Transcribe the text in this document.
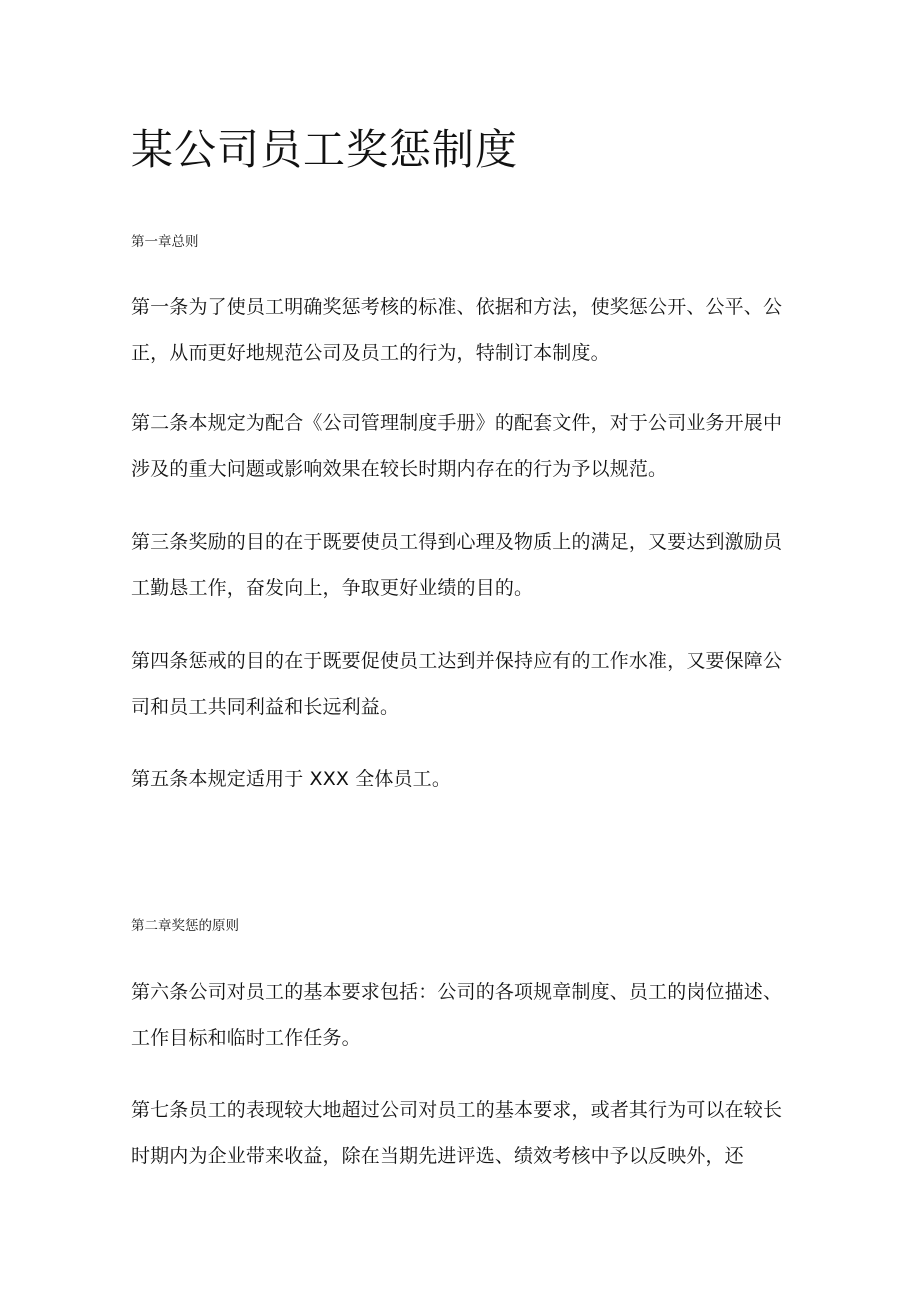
某公司员工奖惩制度
第一章总则

第一条为了使员工明确奖惩考核的标准、依据和方法，使奖惩公开、公平、公正，从而更好地规范公司及员工的行为，特制订本制度。

第二条本规定为配合《公司管理制度手册》的配套文件，对于公司业务开展中涉及的重大问题或影响效果在较长时期内存在的行为予以规范。

第三条奖励的目的在于既要使员工得到心理及物质上的满足，又要达到激励员工勤恳工作，奋发向上，争取更好业绩的目的。

第四条惩戒的目的在于既要促使员工达到并保持应有的工作水准，又要保障公司和员工共同利益和长远利益。

第五条本规定适用于 XXX 全体员工。

第二章奖惩的原则

第六条公司对员工的基本要求包括：公司的各项规章制度、员工的岗位描述、工作目标和临时工作任务。

第七条员工的表现较大地超过公司对员工的基本要求，或者其行为可以在较长时期内为企业带来收益，除在当期先进评选、绩效考核中予以反映外，还
